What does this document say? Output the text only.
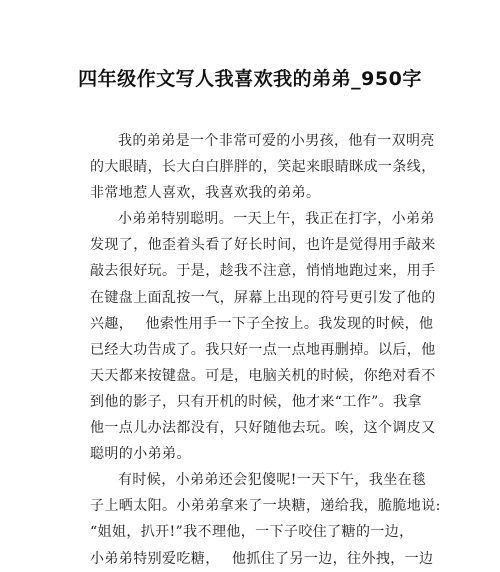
四年级作文写人我喜欢我的弟弟_950字
我的弟弟是一个非常可爱的小男孩，他有一双明亮
的大眼睛，长大白白胖胖的，笑起来眼睛眯成一条线，
非常地惹人喜欢，我喜欢我的弟弟。
小弟弟特别聪明。一天上午，我正在打字，小弟弟
发现了，他歪着头看了好长时间，也许是觉得用手敲来
敲去很好玩。于是，趁我不注意，悄悄地跑过来，用手
在键盘上面乱按一气，屏幕上出现的符号更引发了他的
兴趣，　 他索性用手一下子全按上。我发现的时候，他
已经大功告成了。我只好一点一点地再删掉。以后，他
天天都来按键盘。可是，电脑关机的时候，你绝对看不
到他的影子，只有开机的时候，他才来“工作”。我拿
他一点儿办法都没有，只好随他去玩。唉，这个调皮又
聪明的小弟弟。
有时候，小弟弟还会犯傻呢!一天下午，我坐在毯
子上晒太阳。小弟弟拿来了一块糖，递给我，脆脆地说:
“姐姐，扒开!”我不理他，一下子咬住了糖的一边，
小弟弟特别爱吃糖，　 他抓住了另一边，往外拽，一边
